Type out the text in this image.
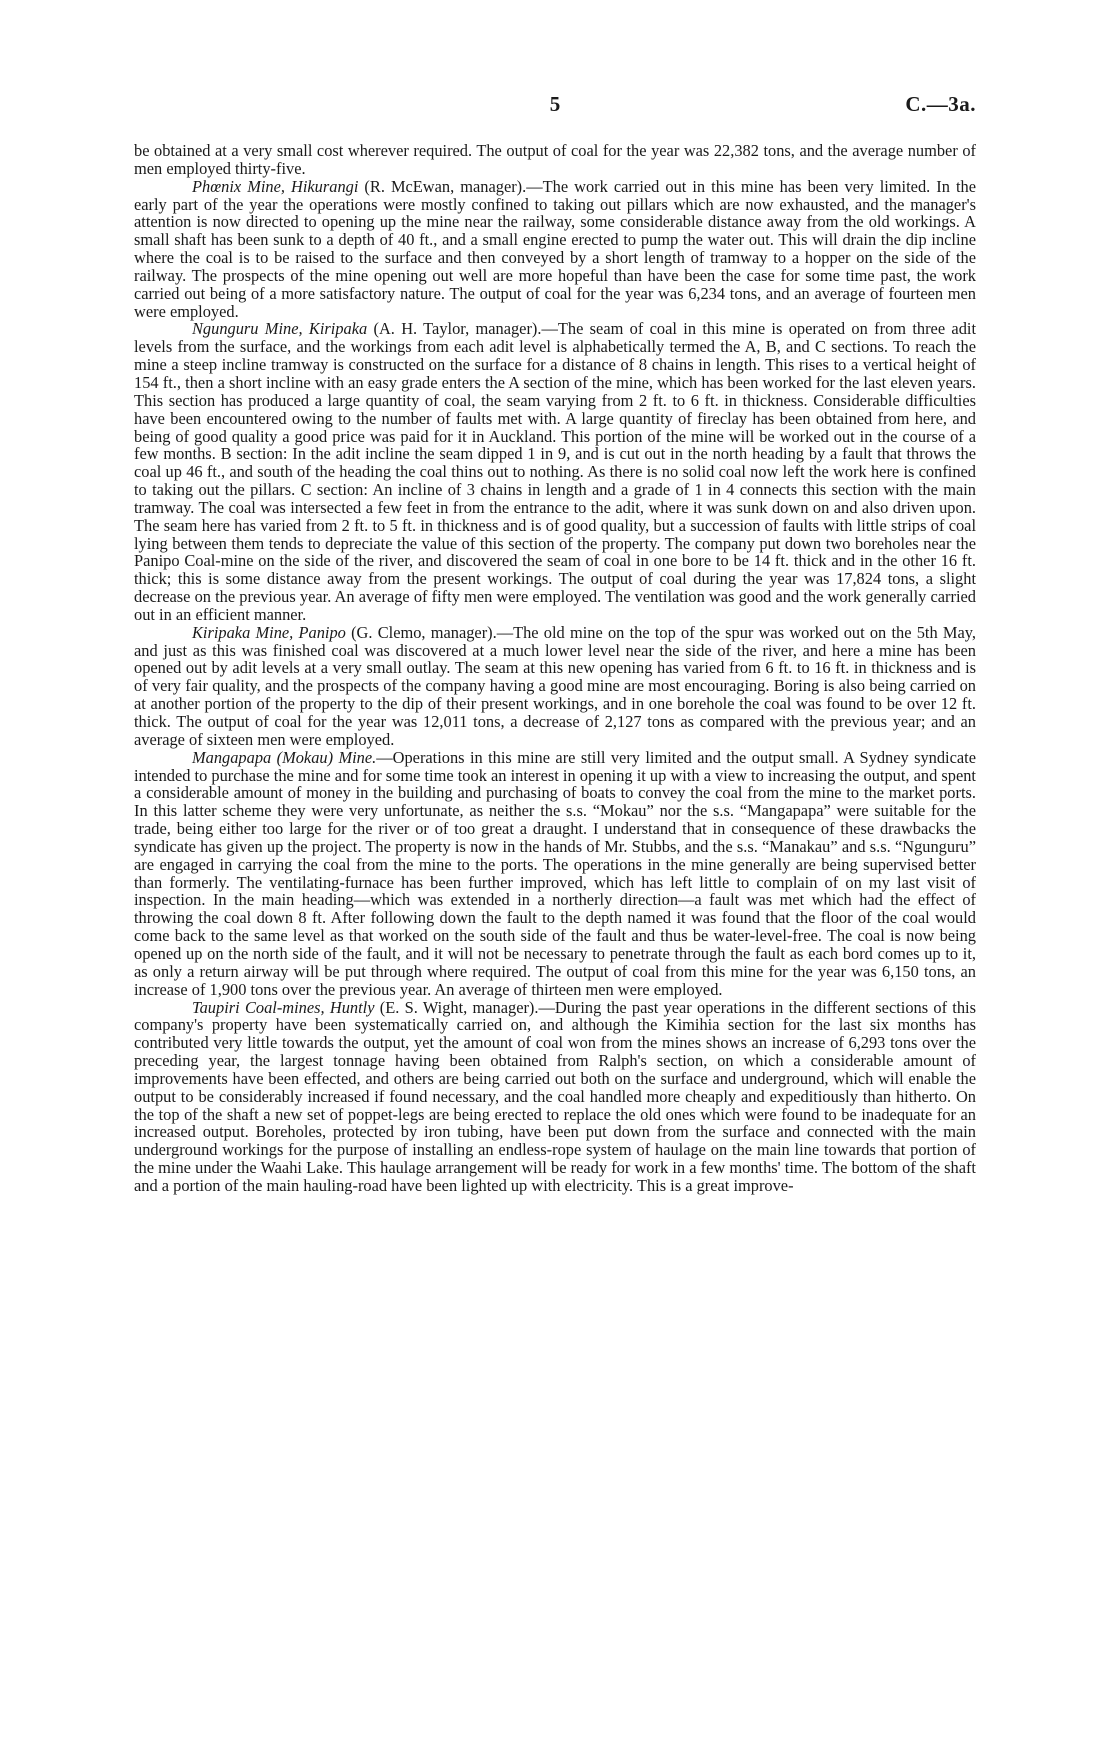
5	C.—3a.

be obtained at a very small cost wherever required. The output of coal for the year was 22,382 tons, and the average number of men employed thirty-five.

Phœnix Mine, Hikurangi (R. McEwan, manager).—The work carried out in this mine has been very limited. In the early part of the year the operations were mostly confined to taking out pillars which are now exhausted, and the manager's attention is now directed to opening up the mine near the railway, some considerable distance away from the old workings. A small shaft has been sunk to a depth of 40 ft., and a small engine erected to pump the water out. This will drain the dip incline where the coal is to be raised to the surface and then conveyed by a short length of tramway to a hopper on the side of the railway. The prospects of the mine opening out well are more hopeful than have been the case for some time past, the work carried out being of a more satisfactory nature. The output of coal for the year was 6,234 tons, and an average of fourteen men were employed.

Ngunguru Mine, Kiripaka (A. H. Taylor, manager).—The seam of coal in this mine is operated on from three adit levels from the surface, and the workings from each adit level is alphabetically termed the A, B, and C sections. To reach the mine a steep incline tramway is constructed on the surface for a distance of 8 chains in length. This rises to a vertical height of 154 ft., then a short incline with an easy grade enters the A section of the mine, which has been worked for the last eleven years. This section has produced a large quantity of coal, the seam varying from 2 ft. to 6 ft. in thickness. Considerable difficulties have been encountered owing to the number of faults met with. A large quantity of fireclay has been obtained from here, and being of good quality a good price was paid for it in Auckland. This portion of the mine will be worked out in the course of a few months. B section: In the adit incline the seam dipped 1 in 9, and is cut out in the north heading by a fault that throws the coal up 46 ft., and south of the heading the coal thins out to nothing. As there is no solid coal now left the work here is confined to taking out the pillars. C section: An incline of 3 chains in length and a grade of 1 in 4 connects this section with the main tramway. The coal was intersected a few feet in from the entrance to the adit, where it was sunk down on and also driven upon. The seam here has varied from 2 ft. to 5 ft. in thickness and is of good quality, but a succession of faults with little strips of coal lying between them tends to depreciate the value of this section of the property. The company put down two boreholes near the Panipo Coal-mine on the side of the river, and discovered the seam of coal in one bore to be 14 ft. thick and in the other 16 ft. thick; this is some distance away from the present workings. The output of coal during the year was 17,824 tons, a slight decrease on the previous year. An average of fifty men were employed. The ventilation was good and the work generally carried out in an efficient manner.

Kiripaka Mine, Panipo (G. Clemo, manager).—The old mine on the top of the spur was worked out on the 5th May, and just as this was finished coal was discovered at a much lower level near the side of the river, and here a mine has been opened out by adit levels at a very small outlay. The seam at this new opening has varied from 6 ft. to 16 ft. in thickness and is of very fair quality, and the prospects of the company having a good mine are most encouraging. Boring is also being carried on at another portion of the property to the dip of their present workings, and in one borehole the coal was found to be over 12 ft. thick. The output of coal for the year was 12,011 tons, a decrease of 2,127 tons as compared with the previous year; and an average of sixteen men were employed.

Mangapapa (Mokau) Mine.—Operations in this mine are still very limited and the output small. A Sydney syndicate intended to purchase the mine and for some time took an interest in opening it up with a view to increasing the output, and spent a considerable amount of money in the building and purchasing of boats to convey the coal from the mine to the market ports. In this latter scheme they were very unfortunate, as neither the s.s. “Mokau” nor the s.s. “Mangapapa” were suitable for the trade, being either too large for the river or of too great a draught. I understand that in consequence of these drawbacks the syndicate has given up the project. The property is now in the hands of Mr. Stubbs, and the s.s. “Manakau” and s.s. “Ngunguru” are engaged in carrying the coal from the mine to the ports. The operations in the mine generally are being supervised better than formerly. The ventilating-furnace has been further improved, which has left little to complain of on my last visit of inspection. In the main heading—which was extended in a northerly direction—a fault was met which had the effect of throwing the coal down 8 ft. After following down the fault to the depth named it was found that the floor of the coal would come back to the same level as that worked on the south side of the fault and thus be water-level-free. The coal is now being opened up on the north side of the fault, and it will not be necessary to penetrate through the fault as each bord comes up to it, as only a return airway will be put through where required. The output of coal from this mine for the year was 6,150 tons, an increase of 1,900 tons over the previous year. An average of thirteen men were employed.

Taupiri Coal-mines, Huntly (E. S. Wight, manager).—During the past year operations in the different sections of this company's property have been systematically carried on, and although the Kimihia section for the last six months has contributed very little towards the output, yet the amount of coal won from the mines shows an increase of 6,293 tons over the preceding year, the largest tonnage having been obtained from Ralph's section, on which a considerable amount of improvements have been effected, and others are being carried out both on the surface and underground, which will enable the output to be considerably increased if found necessary, and the coal handled more cheaply and expeditiously than hitherto. On the top of the shaft a new set of poppet-legs are being erected to replace the old ones which were found to be inadequate for an increased output. Boreholes, protected by iron tubing, have been put down from the surface and connected with the main underground workings for the purpose of installing an endless-rope system of haulage on the main line towards that portion of the mine under the Waahi Lake. This haulage arrangement will be ready for work in a few months' time. The bottom of the shaft and a portion of the main hauling-road have been lighted up with electricity. This is a great improve-
